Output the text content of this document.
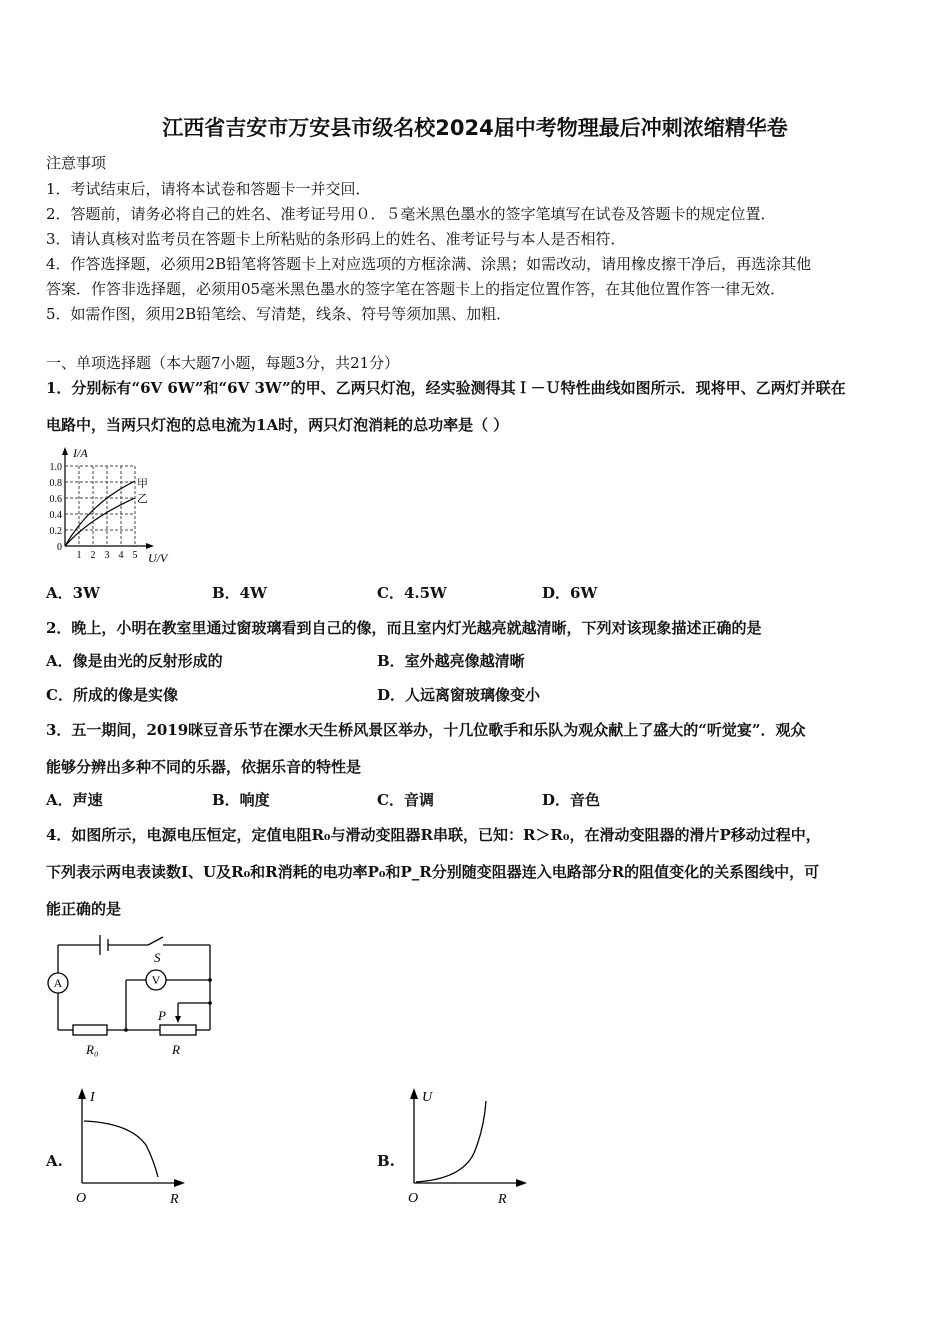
江西省吉安市万安县市级名校2024届中考物理最后冲刺浓缩精华卷
注意事项
1．考试结束后，请将本试卷和答题卡一并交回．
2．答题前，请务必将自己的姓名、准考证号用０．５毫米黑色墨水的签字笔填写在试卷及答题卡的规定位置．
3．请认真核对监考员在答题卡上所粘贴的条形码上的姓名、准考证号与本人是否相符．
4．作答选择题，必须用2B铅笔将答题卡上对应选项的方框涂满、涂黑；如需改动，请用橡皮擦干净后，再选涂其他
答案．作答非选择题，必须用05毫米黑色墨水的签字笔在答题卡上的指定位置作答，在其他位置作答一律无效．
5．如需作图，须用2B铅笔绘、写清楚，线条、符号等须加黑、加粗．
一、单项选择题（本大题7小题，每题3分，共21分）
1．分别标有“6V 6W”和“6V 3W”的甲、乙两只灯泡，经实验测得其Ｉ－Ｕ特性曲线如图所示．现将甲、乙两灯并联在
电路中，当两只灯泡的总电流为1A时，两只灯泡消耗的总功率是（ ）
I/A
U/V
1.0
0.8
0.6
0.4
0.2
0
1 2 3 4 5
甲
乙
A．3W	B．4W	C．4.5W	D．6W
2．晚上，小明在教室里通过窗玻璃看到自己的像，而且室内灯光越亮就越清晰，下列对该现象描述正确的是
A．像是由光的反射形成的	B．室外越亮像越清晰
C．所成的像是实像	D．人远离窗玻璃像变小
3．五一期间，2019咪豆音乐节在溧水天生桥风景区举办，十几位歌手和乐队为观众献上了盛大的“听觉宴”．观众
能够分辨出多种不同的乐器，依据乐音的特性是
A．声速	B．响度	C．音调	D．音色
4．如图所示，电源电压恒定，定值电阻R₀与滑动变阻器R串联，已知：R＞R₀，在滑动变阻器的滑片P移动过程中，
下列表示两电表读数I、U及R₀和R消耗的电功率P₀和P_R分别随变阻器连入电路部分R的阻值变化的关系图线中，可
能正确的是
A	V
S
P
R₀	R
A.
I
O	R
B.
U
O	R
